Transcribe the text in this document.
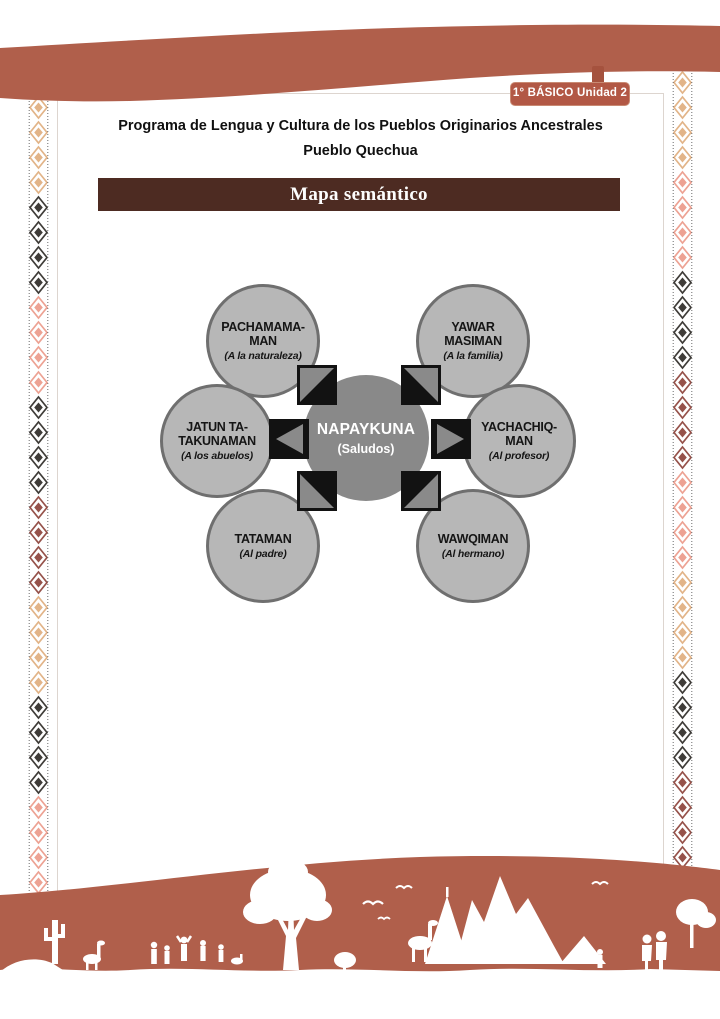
Programa de Lengua y Cultura de los Pueblos Originarios Ancestrales
Pueblo Quechua
Mapa semántico
PACHAMAMA-
MAN
(A la naturaleza)
YAWAR
MASIMAN
(A la familia)
JATUN TA-
TAKUNAMAN
(A los abuelos)
YACHACHIQ-
MAN
(Al profesor)
TATAMAN
(Al padre)
WAWQIMAN
(Al hermano)
NAPAYKUNA
(Saludos)
1° BÁSICO Unidad 2
